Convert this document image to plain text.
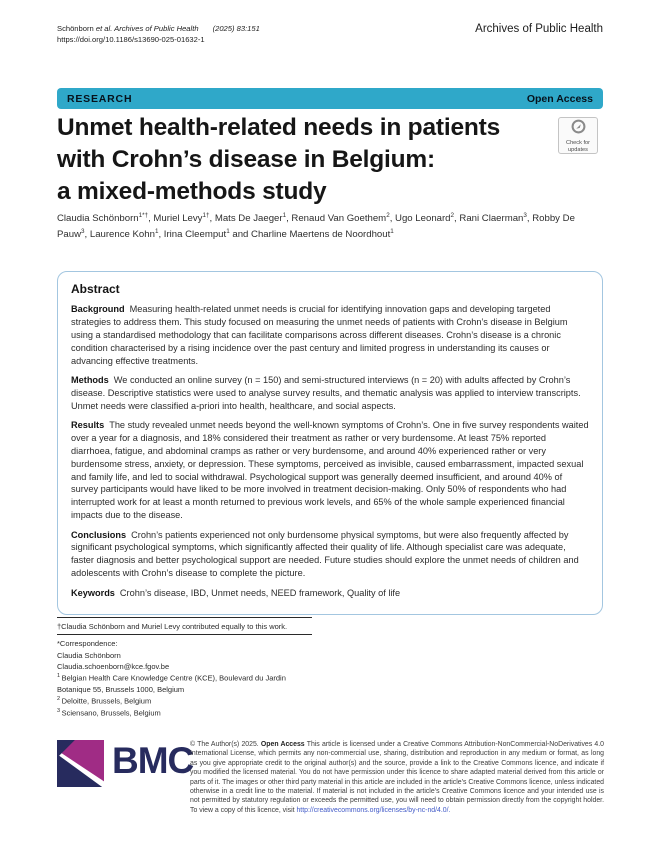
Schönborn et al. Archives of Public Health (2025) 83:151
https://doi.org/10.1186/s13690-025-01632-1
Archives of Public Health
RESEARCH	Open Access
Check for
updates
Unmet health-related needs in patients
with Crohn’s disease in Belgium:
a mixed-methods study

Claudia Schönborn$^{1*\dagger}$, Muriel Levy$^{1\dagger}$, Mats De Jaeger$^1$, Renaud Van Goethem$^2$, Ugo Leonard$^2$, Rani Claerman$^3$, Robby De Pauw$^3$, Laurence Kohn$^1$, Irina Cleemput$^1$ and Charline Maertens de Noordhout$^1$

Abstract

Background Measuring health-related unmet needs is crucial for identifying innovation gaps and developing targeted strategies to address them. This study focused on measuring the unmet needs of patients with Crohn’s disease in Belgium using a standardised methodology that can facilitate comparisons across different diseases. Crohn’s disease is a chronic condition characterised by a rising incidence over the past century and limited progress in understanding its causes or advancing effective treatments.

Methods We conducted an online survey (n = 150) and semi-structured interviews (n = 20) with adults affected by Crohn’s disease. Descriptive statistics were used to analyse survey results, and thematic analysis was applied to interview transcripts. Unmet needs were classified a-priori into health, healthcare, and social aspects.

Results The study revealed unmet needs beyond the well-known symptoms of Crohn’s. One in five survey respondents waited over a year for a diagnosis, and 18% considered their treatment as rather or very burdensome. At least 75% reported diarrhoea, fatigue, and abdominal cramps as rather or very burdensome, and around 40% experienced rather or very burdensome stress, anxiety, or depression. These symptoms, perceived as invisible, caused embarrassment, impacted sexual and family life, and led to social withdrawal. Psychological support was generally deemed insufficient, and around 40% of survey participants would have liked to be more involved in treatment decision-making. Only 50% of respondents who had interrupted work for at least a month returned to previous work levels, and 65% of the whole sample experienced financial impacts due to the disease.

Conclusions Crohn’s patients experienced not only burdensome physical symptoms, but were also frequently affected by significant psychological symptoms, which significantly affected their quality of life. Although specialist care was adequate, faster diagnosis and better psychological support are needed. Future studies should explore the unmet needs of children and adolescents with Crohn’s disease to complete the picture.

Keywords Crohn’s disease, IBD, Unmet needs, NEED framework, Quality of life

†Claudia Schönborn and Muriel Levy contributed equally to this work.

*Correspondence:

Claudia Schönborn

Claudia.schoenborn@kce.fgov.be

$^1$ Belgian Health Care Knowledge Centre (KCE), Boulevard du Jardin Botanique 55, Brussels 1000, Belgium

$^2$ Deloitte, Brussels, Belgium

$^3$ Sciensano, Brussels, Belgium

BMC

© The Author(s) 2025. Open Access This article is licensed under a Creative Commons Attribution-NonCommercial-NoDerivatives 4.0 International License, which permits any non-commercial use, sharing, distribution and reproduction in any medium or format, as long as you give appropriate credit to the original author(s) and the source, provide a link to the Creative Commons licence, and indicate if you modified the licensed material. You do not have permission under this licence to share adapted material derived from this article or parts of it. The images or other third party material in this article are included in the article’s Creative Commons licence, unless indicated otherwise in a credit line to the material. If material is not included in the article’s Creative Commons licence and your intended use is not permitted by statutory regulation or exceeds the permitted use, you will need to obtain permission directly from the copyright holder. To view a copy of this licence, visit http://creativecommons.org/licenses/by-nc-nd/4.0/.
